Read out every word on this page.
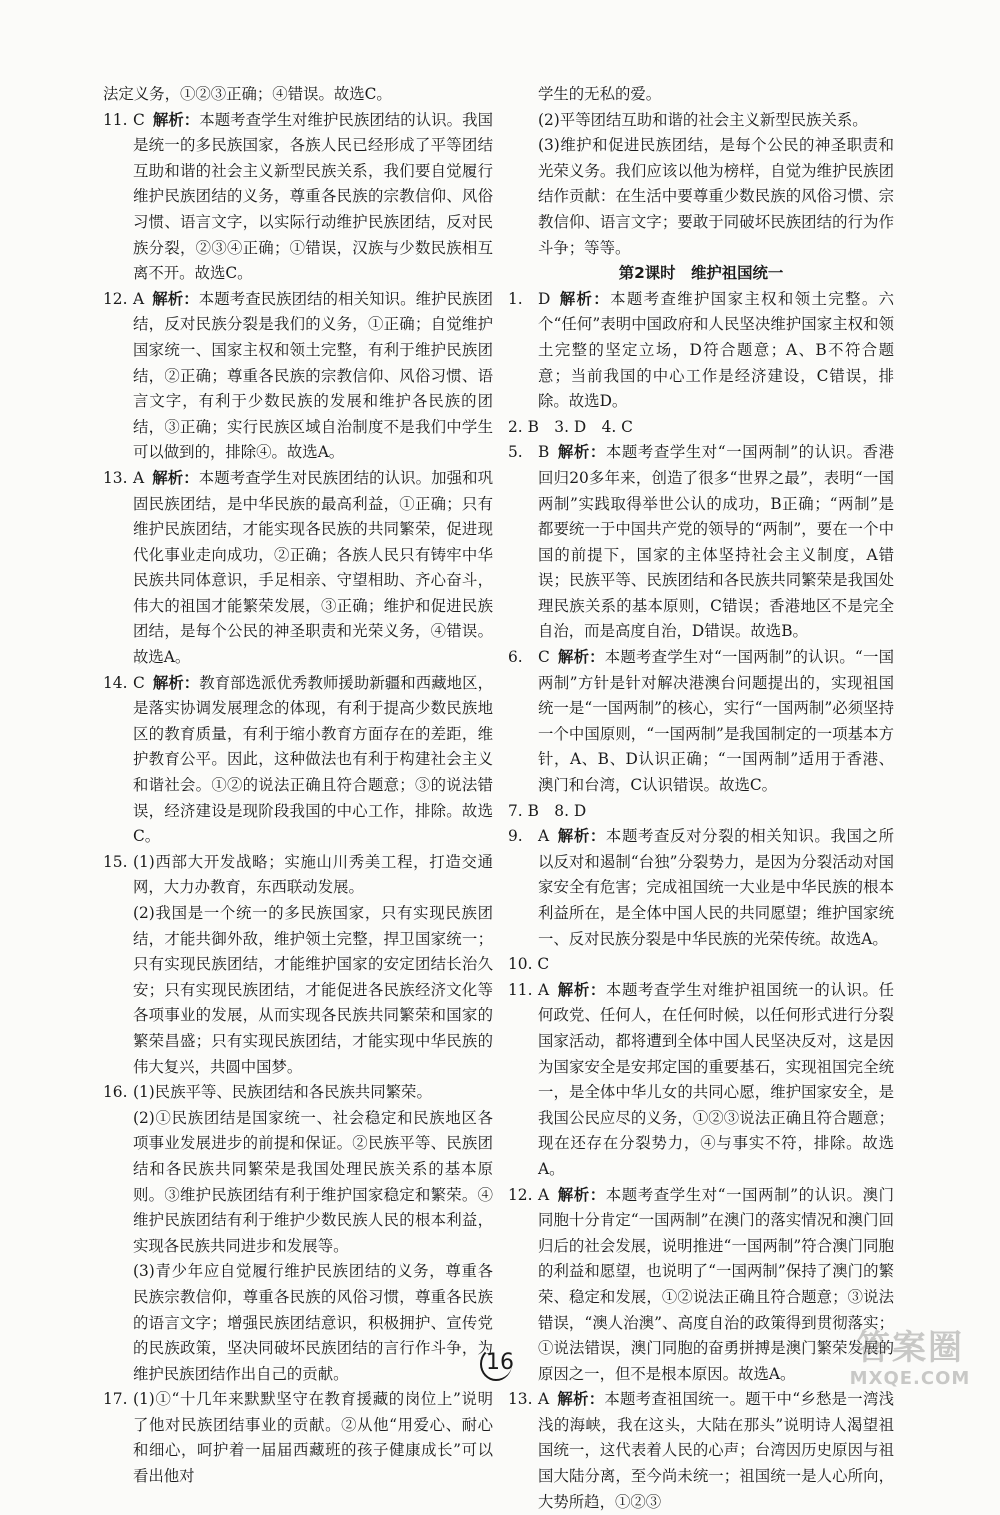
法定义务，①②③正确；④错误。故选C。
11. C 解析：本题考查学生对维护民族团结的认识。我国是统一的多民族国家，各族人民已经形成了平等团结互助和谐的社会主义新型民族关系，我们要自觉履行维护民族团结的义务，尊重各民族的宗教信仰、风俗习惯、语言文字，以实际行动维护民族团结，反对民族分裂，②③④正确；①错误，汉族与少数民族相互离不开。故选C。
12. A 解析：本题考查民族团结的相关知识。维护民族团结，反对民族分裂是我们的义务，①正确；自觉维护国家统一、国家主权和领土完整，有利于维护民族团结，②正确；尊重各民族的宗教信仰、风俗习惯、语言文字，有利于少数民族的发展和维护各民族的团结，③正确；实行民族区域自治制度不是我们中学生可以做到的，排除④。故选A。
13. A 解析：本题考查学生对民族团结的认识。加强和巩固民族团结，是中华民族的最高利益，①正确；只有维护民族团结，才能实现各民族的共同繁荣，促进现代化事业走向成功，②正确；各族人民只有铸牢中华民族共同体意识，手足相亲、守望相助、齐心奋斗，伟大的祖国才能繁荣发展，③正确；维护和促进民族团结，是每个公民的神圣职责和光荣义务，④错误。故选A。
14. C 解析：教育部选派优秀教师援助新疆和西藏地区，是落实协调发展理念的体现，有利于提高少数民族地区的教育质量，有利于缩小教育方面存在的差距，维护教育公平。因此，这种做法也有利于构建社会主义和谐社会。①②的说法正确且符合题意；③的说法错误，经济建设是现阶段我国的中心工作，排除。故选C。
15. (1)西部大开发战略；实施山川秀美工程，打造交通网，大力办教育，东西联动发展。
(2)我国是一个统一的多民族国家，只有实现民族团结，才能共御外敌，维护领土完整，捍卫国家统一；只有实现民族团结，才能维护国家的安定团结长治久安；只有实现民族团结，才能促进各民族经济文化等各项事业的发展，从而实现各民族共同繁荣和国家的繁荣昌盛；只有实现民族团结，才能实现中华民族的伟大复兴，共圆中国梦。
16. (1)民族平等、民族团结和各民族共同繁荣。
(2)①民族团结是国家统一、社会稳定和民族地区各项事业发展进步的前提和保证。②民族平等、民族团结和各民族共同繁荣是我国处理民族关系的基本原则。③维护民族团结有利于维护国家稳定和繁荣。④维护民族团结有利于维护少数民族人民的根本利益，实现各民族共同进步和发展等。
(3)青少年应自觉履行维护民族团结的义务，尊重各民族宗教信仰，尊重各民族的风俗习惯，尊重各民族的语言文字；增强民族团结意识，积极拥护、宣传党的民族政策，坚决同破坏民族团结的言行作斗争，为维护民族团结作出自己的贡献。
17. (1)①“十几年来默默坚守在教育援藏的岗位上”说明了他对民族团结事业的贡献。②从他“用爱心、耐心和细心，呵护着一届届西藏班的孩子健康成长”可以看出他对
学生的无私的爱。
(2)平等团结互助和谐的社会主义新型民族关系。
(3)维护和促进民族团结，是每个公民的神圣职责和光荣义务。我们应该以他为榜样，自觉为维护民族团结作贡献：在生活中要尊重少数民族的风俗习惯、宗教信仰、语言文字；要敢于同破坏民族团结的行为作斗争；等等。
第2课时　维护祖国统一
1. D 解析：本题考查维护国家主权和领土完整。六个“任何”表明中国政府和人民坚决维护国家主权和领土完整的坚定立场，D符合题意；A、B不符合题意；当前我国的中心工作是经济建设，C错误，排除。故选D。
2. B　3. D　4. C
5. B 解析：本题考查学生对“一国两制”的认识。香港回归20多年来，创造了很多“世界之最”，表明“一国两制”实践取得举世公认的成功，B正确；“两制”是都要统一于中国共产党的领导的“两制”，要在一个中国的前提下，国家的主体坚持社会主义制度，A错误；民族平等、民族团结和各民族共同繁荣是我国处理民族关系的基本原则，C错误；香港地区不是完全自治，而是高度自治，D错误。故选B。
6. C 解析：本题考查学生对“一国两制”的认识。“一国两制”方针是针对解决港澳台问题提出的，实现祖国统一是“一国两制”的核心，实行“一国两制”必须坚持一个中国原则，“一国两制”是我国制定的一项基本方针，A、B、D认识正确；“一国两制”适用于香港、澳门和台湾，C认识错误。故选C。
7. B　8. D
9. A 解析：本题考查反对分裂的相关知识。我国之所以反对和遏制“台独”分裂势力，是因为分裂活动对国家安全有危害；完成祖国统一大业是中华民族的根本利益所在，是全体中国人民的共同愿望；维护国家统一、反对民族分裂是中华民族的光荣传统。故选A。
10. C
11. A 解析：本题考查学生对维护祖国统一的认识。任何政党、任何人，在任何时候，以任何形式进行分裂国家活动，都将遭到全体中国人民坚决反对，这是因为国家安全是安邦定国的重要基石，实现祖国完全统一，是全体中华儿女的共同心愿，维护国家安全，是我国公民应尽的义务，①②③说法正确且符合题意；现在还存在分裂势力，④与事实不符，排除。故选A。
12. A 解析：本题考查学生对“一国两制”的认识。澳门同胞十分肯定“一国两制”在澳门的落实情况和澳门回归后的社会发展，说明推进“一国两制”符合澳门同胞的利益和愿望，也说明了“一国两制”保持了澳门的繁荣、稳定和发展，①②说法正确且符合题意；③说法错误，“澳人治澳”、高度自治的政策得到贯彻落实；①说法错误，澳门同胞的奋勇拼搏是澳门繁荣发展的原因之一，但不是根本原因。故选A。
13. A 解析：本题考查祖国统一。题干中“乡愁是一湾浅浅的海峡，我在这头，大陆在那头”说明诗人渴望祖国统一，这代表着人民的心声；台湾因历史原因与祖国大陆分离，至今尚未统一；祖国统一是人心所向，大势所趋，①②③
16	答案圈
MXQE.COM
